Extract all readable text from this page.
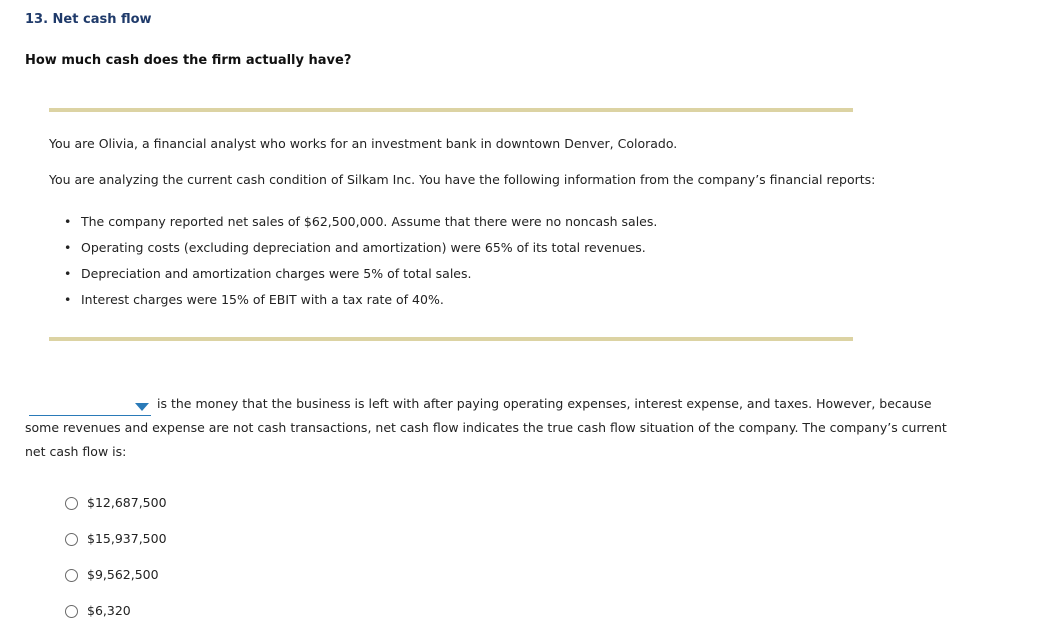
13. Net cash flow
How much cash does the firm actually have?
You are Olivia, a financial analyst who works for an investment bank in downtown Denver, Colorado.
You are analyzing the current cash condition of Silkam Inc. You have the following information from the company’s financial reports:
• The company reported net sales of $62,500,000. Assume that there were no noncash sales.
• Operating costs (excluding depreciation and amortization) were 65% of its total revenues.
• Depreciation and amortization charges were 5% of total sales.
• Interest charges were 15% of EBIT with a tax rate of 40%.
is the money that the business is left with after paying operating expenses, interest expense, and taxes. However, because some revenues and expense are not cash transactions, net cash flow indicates the true cash flow situation of the company. The company’s current net cash flow is:
$12,687,500
$15,937,500
$9,562,500
$6,320
